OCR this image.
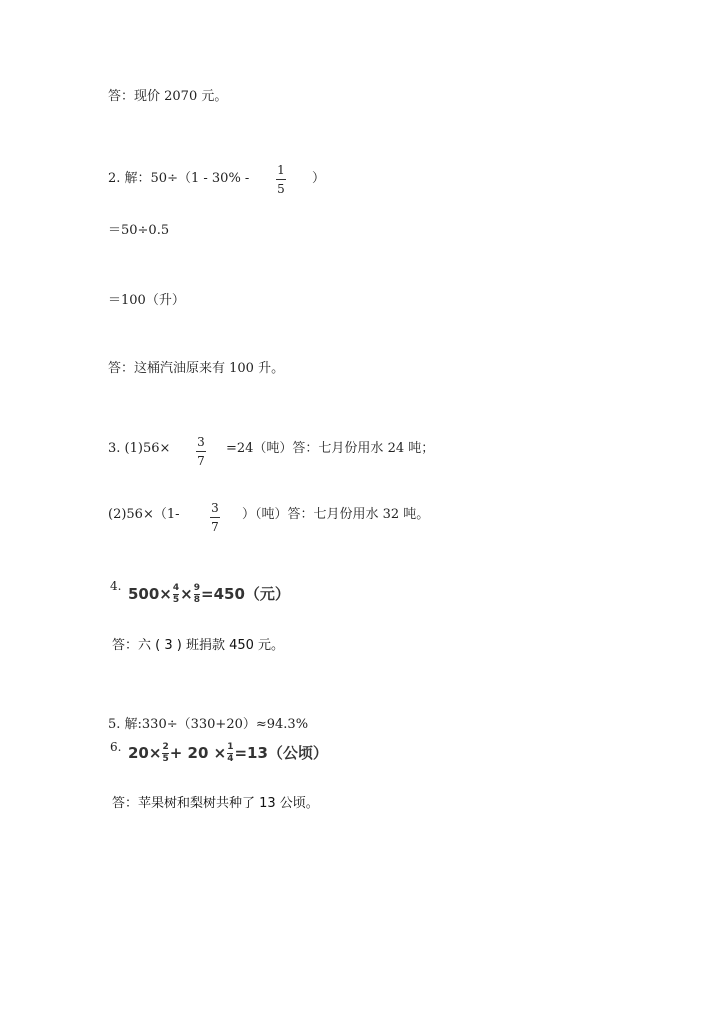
答：现价 2070 元。
2. 解：50÷（1 - 30% -
1
5
）
＝50÷0.5
＝100（升）
答：这桶汽油原来有 100 升。
3. (1)56× 3
7
=24（吨）答：七月份用水 24 吨；
(2)56×（1-	3
7
）（吨）答：七月份用水 32 吨。
4. $500\times\frac{4}{5}\times\frac{9}{8}=450$（元）
答：六 ( 3 ) 班捐款 450 元。
5. 解:330÷（330+20）≈94.3%
6. $20\times\frac{2}{5}+ 20 \times\frac{1}{4}=13$（公顷）
答：苹果树和梨树共种了 13 公顷。
